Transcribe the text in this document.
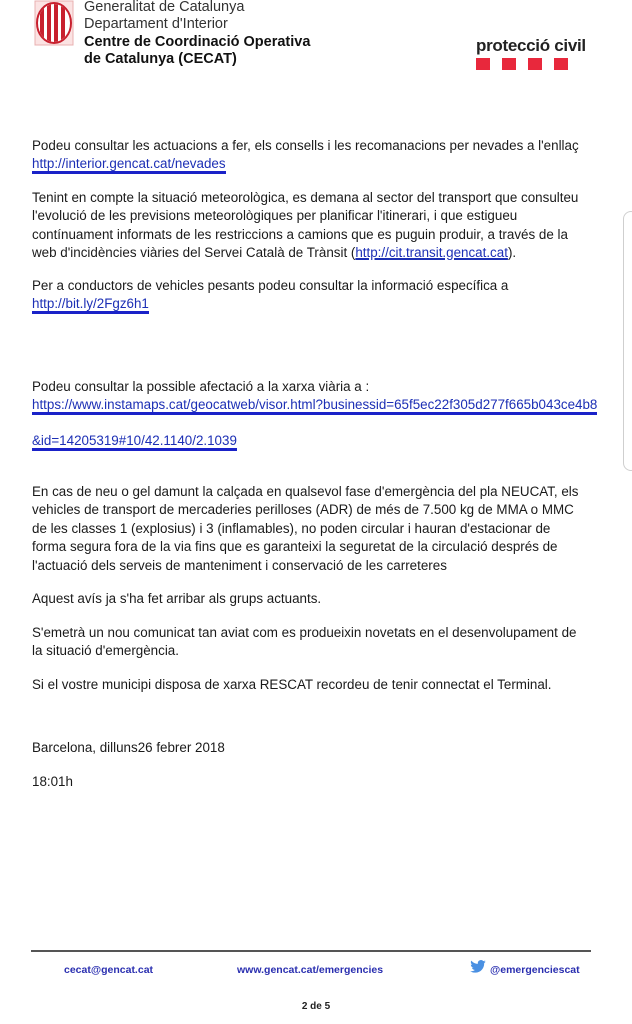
Generalitat de Catalunya
Departament d'Interior
Centre de Coordinació Operativa
de Catalunya (CECAT)
protecció civil
Podeu consultar les actuacions a fer, els consells i les recomanacions per nevades a l'enllaç
http://interior.gencat.cat/nevades
Tenint en compte la situació meteorològica, es demana al sector del transport que consulteu
l'evolució de les previsions meteorològiques per planificar l'itinerari, i que estigueu
contínuament informats de les restriccions a camions que es puguin produir, a través de la
web d'incidències viàries del Servei Català de Trànsit (http://cit.transit.gencat.cat).
Per a conductors de vehicles pesants podeu consultar la informació específica a
http://bit.ly/2Fgz6h1
Podeu consultar la possible afectació a la xarxa viària a :
https://www.instamaps.cat/geocatweb/visor.html?businessid=65f5ec22f305d277f665b043ce4b8
&id=14205319#10/42.1140/2.1039
En cas de neu o gel damunt la calçada en qualsevol fase d'emergència del pla NEUCAT, els
vehicles de transport de mercaderies perilloses (ADR) de més de 7.500 kg de MMA o MMC
de les classes 1 (explosius) i 3 (inflamables), no poden circular i hauran d'estacionar de
forma segura fora de la via fins que es garanteixi la seguretat de la circulació després de
l'actuació dels serveis de manteniment i conservació de les carreteres
Aquest avís ja s'ha fet arribar als grups actuants.
S'emetrà un nou comunicat tan aviat com es produeixin novetats en el desenvolupament de
la situació d'emergència.
Si el vostre municipi disposa de xarxa RESCAT recordeu de tenir connectat el Terminal.
Barcelona, dilluns26 febrer 2018
18:01h
cecat@gencat.cat	www.gencat.cat/emergencies	@emergenciescat
2 de 5
